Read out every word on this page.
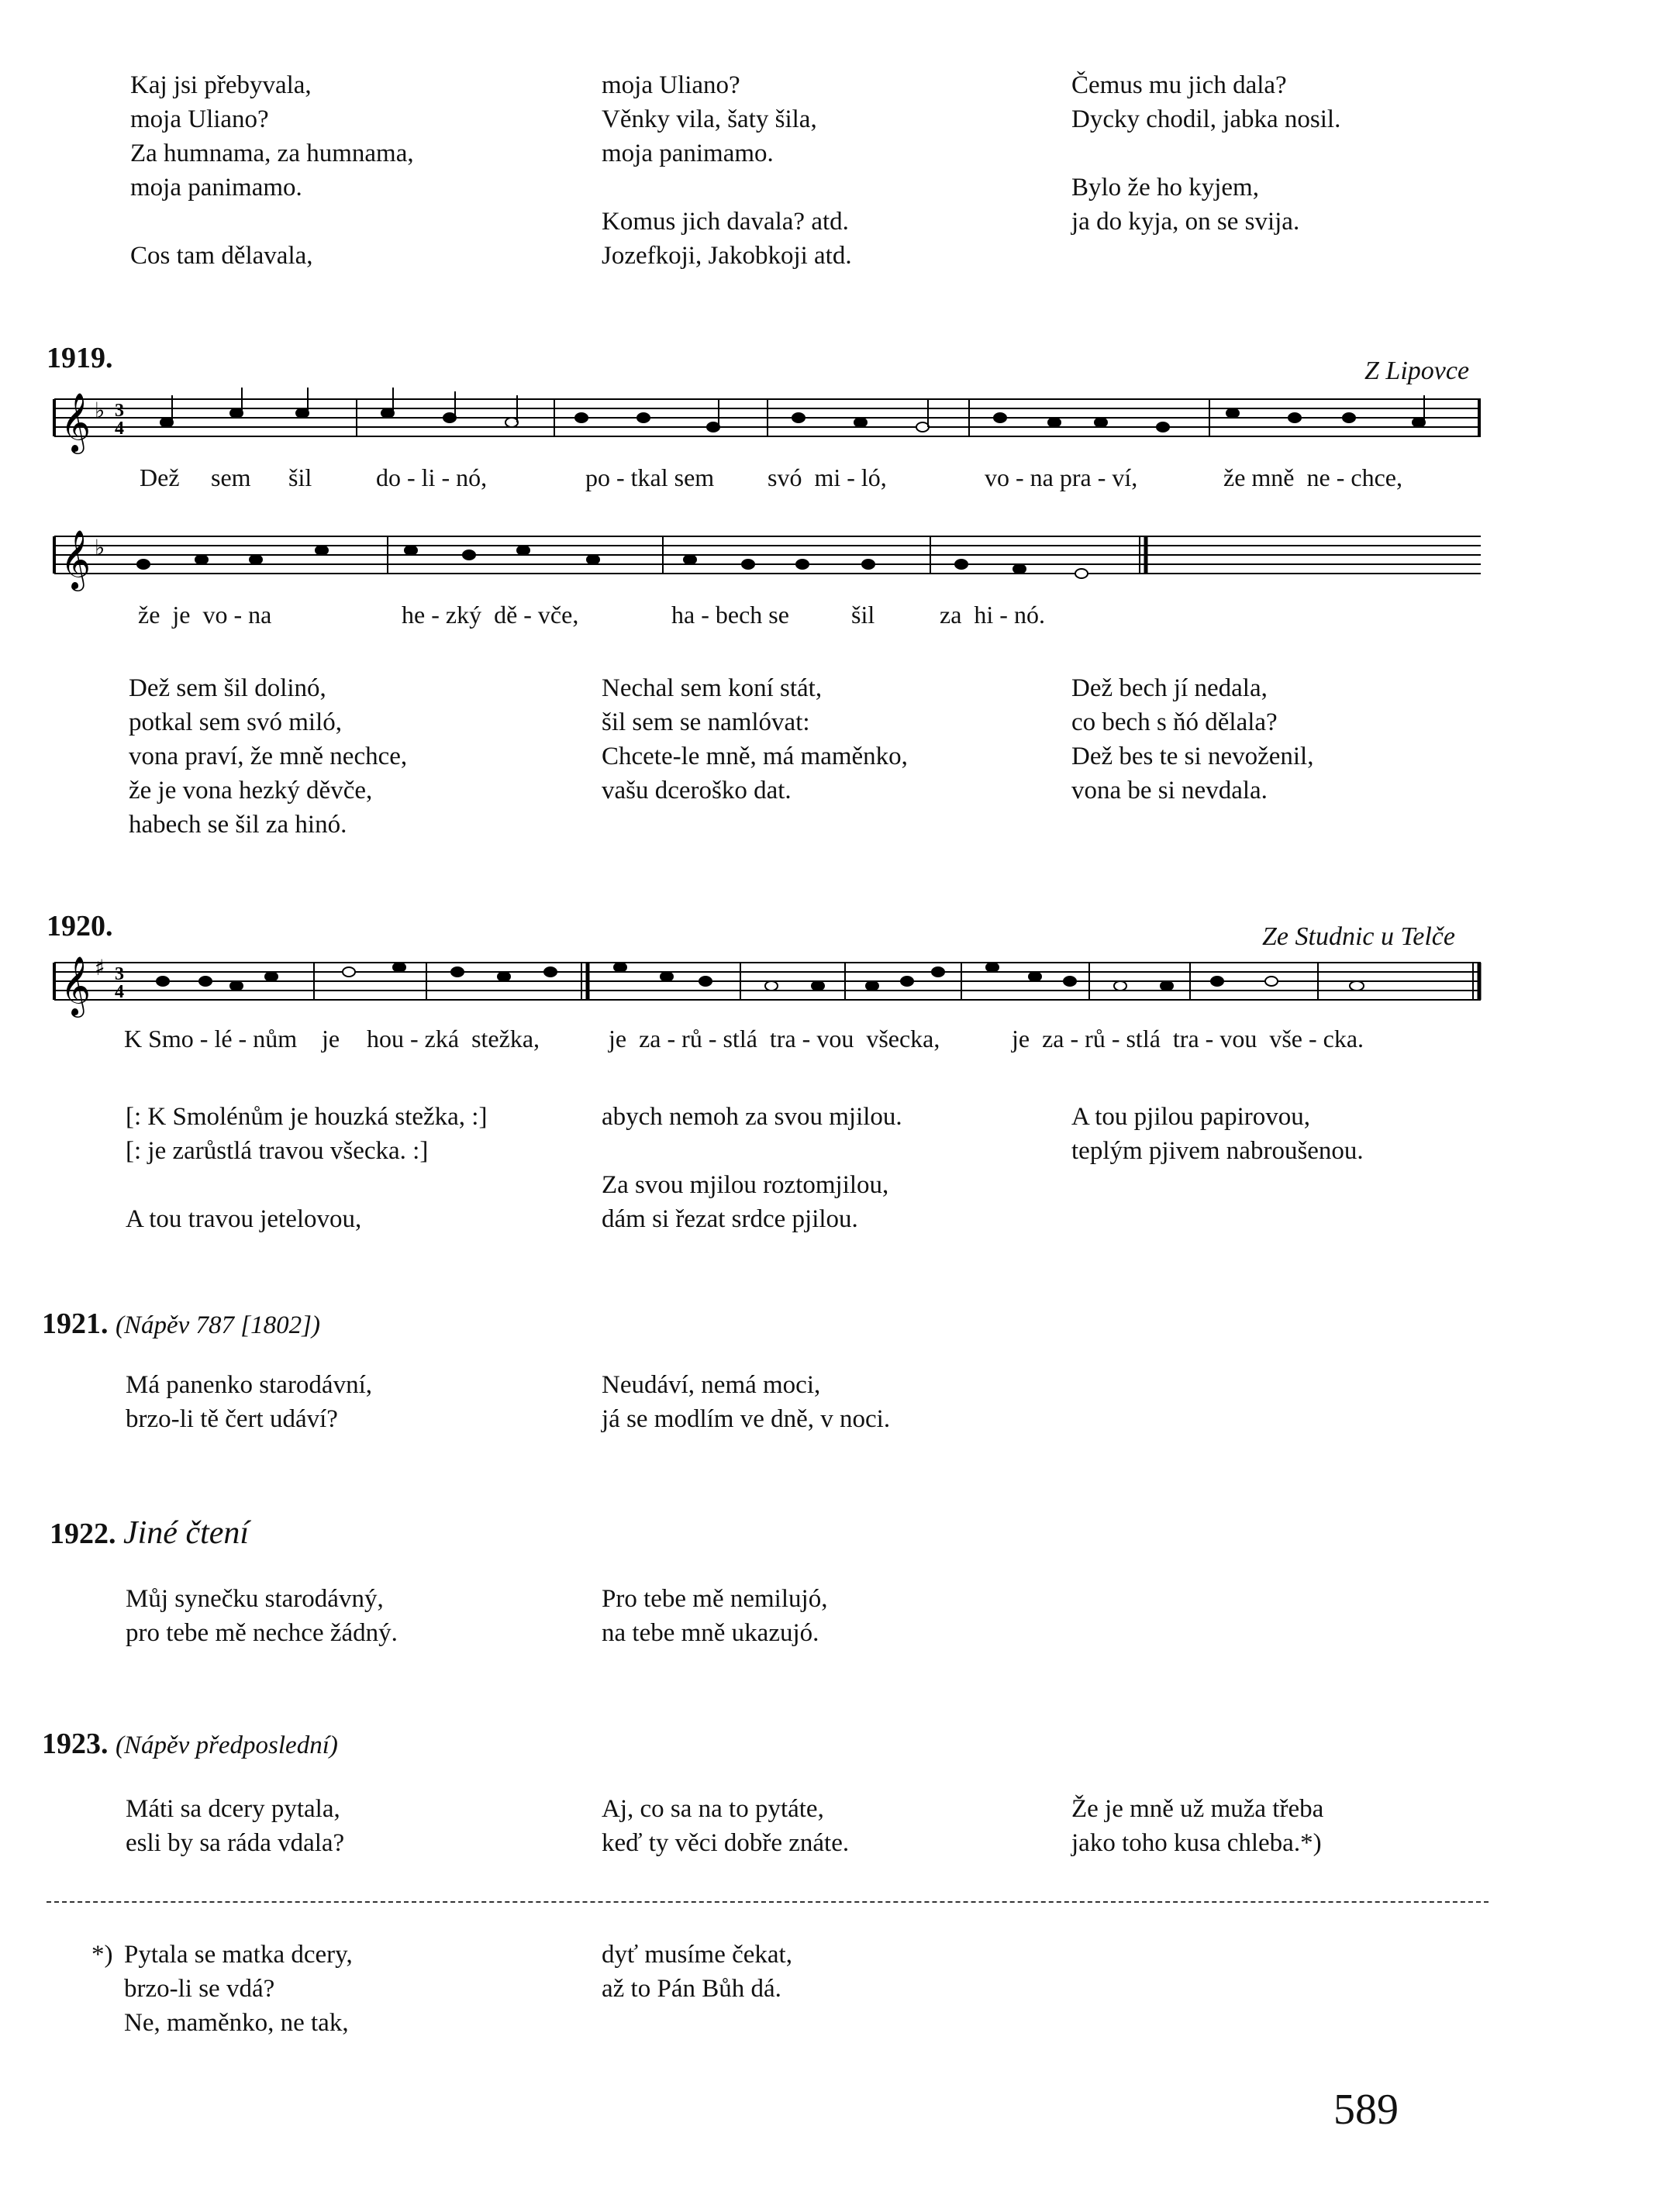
Kaj jsi přebyvala,
moja Uliano?
Za humnama, za humnama,
moja panimamo.

Cos tam dělavala,
moja Uliano?
Věnky vila, šaty šila,
moja panimamo.

Komus jich davala? atd.
Jozefkoji, Jakobkoji atd.
Čemus mu jich dala?
Dycky chodil, jabka nosil.

Bylo že ho kyjem,
ja do kyja, on se svija.
1919.	Z Lipovce
𝄞 ♭ 3
4
Dež sem šil	do - li - nó,	po - tkal sem svó  mi - ló,	vo - na pra - ví,	že mně  ne - chce,
𝄞 ♭
že  je  vo - na	he - zký  dě - vče,	ha - bech se	šil	za  hi - nó.
Dež sem šil dolinó,
potkal sem svó miló,
vona praví, že mně nechce,
že je vona hezký děvče,
habech se šil za hinó.
Nechal sem koní stát,
šil sem se namlóvat:
Chcete-le mně, má maměnko,
vašu dceroško dat.
Dež bech jí nedala,
co bech s ňó dělala?
Dež bes te si nevoženil,
vona be si nevdala.
1920.	Ze Studnic u Telče
𝄞 ♯ 3
4
K Smo - lé - nům je hou - zká  stežka,	je  za - rů - stlá  tra - vou  všecka,	je  za - rů - stlá  tra - vou  vše - cka.
[: K Smolénům je houzká stežka, :]
[: je zarůstlá travou všecka. :]

A tou travou jetelovou,
abych nemoh za svou mjilou.

Za svou mjilou roztomjilou,
dám si řezat srdce pjilou.
A tou pjilou papirovou,
teplým pjivem nabroušenou.
1921. (Nápěv 787 [1802])
Má panenko starodávní,
brzo-li tě čert udáví?
Neudáví, nemá moci,
já se modlím ve dně, v noci.
1922. Jiné čtení
Můj synečku starodávný,
pro tebe mě nechce žádný.
Pro tebe mě nemilujó,
na tebe mně ukazujó.
1923. (Nápěv předposlední)
Máti sa dcery pytala,
esli by sa ráda vdala?
Aj, co sa na to pytáte,
keď ty věci dobře znáte.
Že je mně už muža třeba
jako toho kusa chleba.*)
*) Pytala se matka dcery,
brzo-li se vdá?
Ne, maměnko, ne tak,
dyť musíme čekat,
až to Pán Bůh dá.
589
